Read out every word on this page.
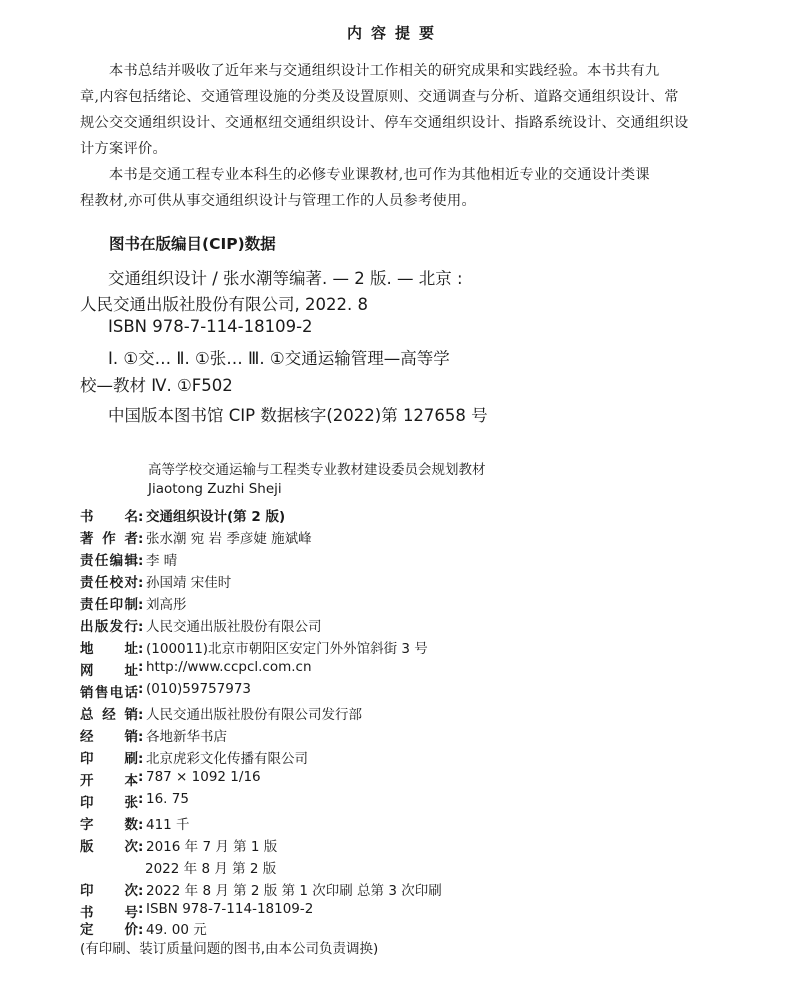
内容提要
本书总结并吸收了近年来与交通组织设计工作相关的研究成果和实践经验。本书共有九
章,内容包括绪论、交通管理设施的分类及设置原则、交通调查与分析、道路交通组织设计、常
规公交交通组织设计、交通枢纽交通组织设计、停车交通组织设计、指路系统设计、交通组织设
计方案评价。
本书是交通工程专业本科生的必修专业课教材,也可作为其他相近专业的交通设计类课
程教材,亦可供从事交通组织设计与管理工作的人员参考使用。
图书在版编目(CIP)数据
交通组织设计 / 张水潮等编著. — 2 版. — 北京 :
人民交通出版社股份有限公司, 2022. 8
ISBN 978-7-114-18109-2
Ⅰ. ①交… Ⅱ. ①张… Ⅲ. ①交通运输管理—高等学
校—教材 Ⅳ. ①F502
中国版本图书馆 CIP 数据核字(2022)第 127658 号
高等学校交通运输与工程类专业教材建设委员会规划教材
Jiaotong Zuzhi Sheji
书名: 交通组织设计(第 2 版)
著作者: 张水潮 宛 岩 季彦婕 施斌峰
责任编辑: 李 晴
责任校对: 孙国靖 宋佳时
责任印制: 刘高彤
出版发行: 人民交通出版社股份有限公司
地址: (100011)北京市朝阳区安定门外外馆斜街 3 号
网址: http://www.ccpcl.com.cn
销售电话: (010)59757973
总经销: 人民交通出版社股份有限公司发行部
经销: 各地新华书店
印刷: 北京虎彩文化传播有限公司
开本: 787 × 1092 1/16
印张: 16. 75
字数: 411 千
版次: 2016 年 7 月 第 1 版
2022 年 8 月 第 2 版
印次: 2022 年 8 月 第 2 版 第 1 次印刷 总第 3 次印刷
书号: ISBN 978-7-114-18109-2
定价: 49. 00 元
(有印刷、装订质量问题的图书,由本公司负责调换)
